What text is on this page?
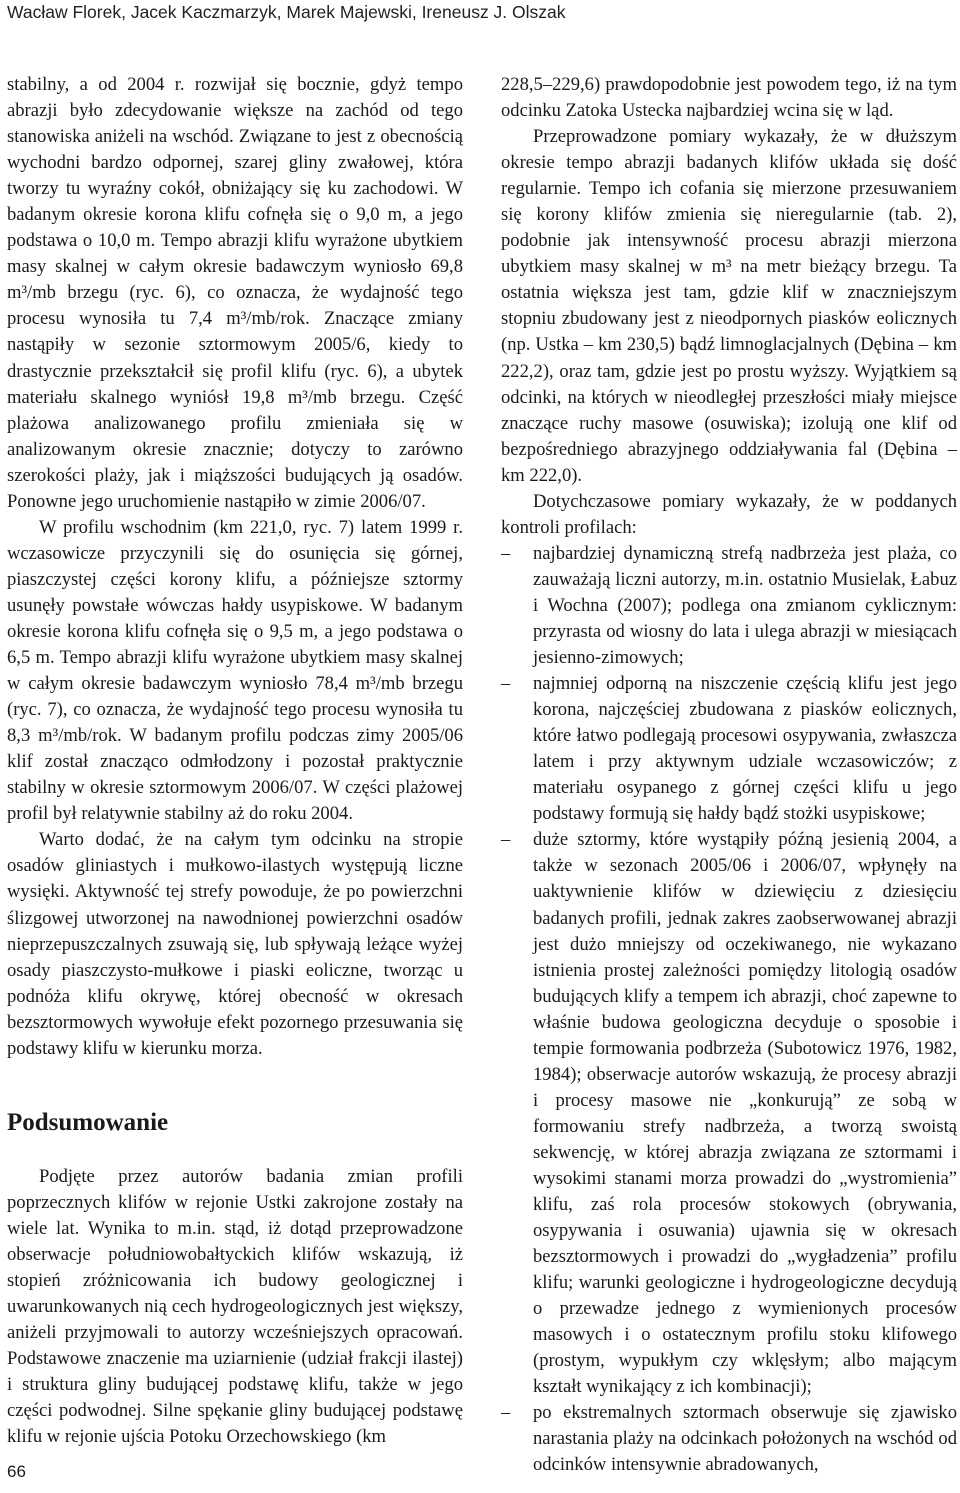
Wacław Florek, Jacek Kaczmarzyk, Marek Majewski, Ireneusz J. Olszak

stabilny, a od 2004 r. rozwijał się bocznie, gdyż tempo abrazji było zdecydowanie większe na zachód od tego stanowiska aniżeli na wschód. Związane to jest z obecnością wychodni bardzo odpornej, szarej gliny zwałowej, która tworzy tu wyraźny cokół, obniżający się ku zachodowi. W badanym okresie korona klifu cofnęła się o 9,0 m, a jego podstawa o 10,0 m. Tempo abrazji klifu wyrażone ubytkiem masy skalnej w całym okresie badawczym wyniosło 69,8 m³/mb brzegu (ryc. 6), co oznacza, że wydajność tego procesu wynosiła tu 7,4 m³/mb/rok. Znaczące zmiany nastąpiły w sezonie sztormowym 2005/6, kiedy to drastycznie przekształcił się profil klifu (ryc. 6), a ubytek materiału skalnego wyniósł 19,8 m³/mb brzegu. Część plażowa analizowanego profilu zmieniała się w analizowanym okresie znacznie; dotyczy to zarówno szerokości plaży, jak i miąższości budujących ją osadów. Ponowne jego uruchomienie nastąpiło w zimie 2006/07.

W profilu wschodnim (km 221,0, ryc. 7) latem 1999 r. wczasowicze przyczynili się do osunięcia się górnej, piaszczystej części korony klifu, a późniejsze sztormy usunęły powstałe wówczas hałdy usypiskowe. W badanym okresie korona klifu cofnęła się o 9,5 m, a jego podstawa o 6,5 m. Tempo abrazji klifu wyrażone ubytkiem masy skalnej w całym okresie badawczym wyniosło 78,4 m³/mb brzegu (ryc. 7), co oznacza, że wydajność tego procesu wynosiła tu 8,3 m³/mb/rok. W badanym profilu podczas zimy 2005/06 klif został znacząco odmłodzony i pozostał praktycznie stabilny w okresie sztormowym 2006/07. W części plażowej profil był relatywnie stabilny aż do roku 2004.

Warto dodać, że na całym tym odcinku na stropie osadów gliniastych i mułkowo-ilastych występują liczne wysięki. Aktywność tej strefy powoduje, że po powierzchni ślizgowej utworzonej na nawodnionej powierzchni osadów nieprzepuszczalnych zsuwają się, lub spływają leżące wyżej osady piaszczysto-mułkowe i piaski eoliczne, tworząc u podnóża klifu okrywę, której obecność w okresach bezsztormowych wywołuje efekt pozornego przesuwania się podstawy klifu w kierunku morza.

Podsumowanie

Podjęte przez autorów badania zmian profili poprzecznych klifów w rejonie Ustki zakrojone zostały na wiele lat. Wynika to m.in. stąd, iż dotąd przeprowadzone obserwacje południowobałtyckich klifów wskazują, iż stopień zróżnicowania ich budowy geologicznej i uwarunkowanych nią cech hydrogeologicznych jest większy, aniżeli przyjmowali to autorzy wcześniejszych opracowań. Podstawowe znaczenie ma uziarnienie (udział frakcji ilastej) i struktura gliny budującej podstawę klifu, także w jego części podwodnej. Silne spękanie gliny budującej podstawę klifu w rejonie ujścia Potoku Orzechowskiego (km

228,5–229,6) prawdopodobnie jest powodem tego, iż na tym odcinku Zatoka Ustecka najbardziej wcina się w ląd.

Przeprowadzone pomiary wykazały, że w dłuższym okresie tempo abrazji badanych klifów układa się dość regularnie. Tempo ich cofania się mierzone przesuwaniem się korony klifów zmienia się nieregularnie (tab. 2), podobnie jak intensywność procesu abrazji mierzona ubytkiem masy skalnej w m³ na metr bieżący brzegu. Ta ostatnia większa jest tam, gdzie klif w znaczniejszym stopniu zbudowany jest z nieodpornych piasków eolicznych (np. Ustka – km 230,5) bądź limnoglacjalnych (Dębina – km 222,2), oraz tam, gdzie jest po prostu wyższy. Wyjątkiem są odcinki, na których w nieodległej przeszłości miały miejsce znaczące ruchy masowe (osuwiska); izolują one klif od bezpośredniego abrazyjnego oddziaływania fal (Dębina – km 222,0).

Dotychczasowe pomiary wykazały, że w poddanych kontroli profilach:

– najbardziej dynamiczną strefą nadbrzeża jest plaża, co zauważają liczni autorzy, m.in. ostatnio Musielak, Łabuz i Wochna (2007); podlega ona zmianom cyklicznym: przyrasta od wiosny do lata i ulega abrazji w miesiącach jesienno-zimowych;
– najmniej odporną na niszczenie częścią klifu jest jego korona, najczęściej zbudowana z piasków eolicznych, które łatwo podlegają procesowi osypywania, zwłaszcza latem i przy aktywnym udziale wczasowiczów; z materiału osypanego z górnej części klifu u jego podstawy formują się hałdy bądź stożki usypiskowe;
– duże sztormy, które wystąpiły późną jesienią 2004, a także w sezonach 2005/06 i 2006/07, wpłynęły na uaktywnienie klifów w dziewięciu z dziesięciu badanych profili, jednak zakres zaobserwowanej abrazji jest dużo mniejszy od oczekiwanego, nie wykazano istnienia prostej zależności pomiędzy litologią osadów budujących klify a tempem ich abrazji, choć zapewne to właśnie budowa geologiczna decyduje o sposobie i tempie formowania podbrzeża (Subotowicz 1976, 1982, 1984); obserwacje autorów wskazują, że procesy abrazji i procesy masowe nie „konkurują” ze sobą w formowaniu strefy nadbrzeża, a tworzą swoistą sekwencję, w której abrazja związana ze sztormami i wysokimi stanami morza prowadzi do „wystromienia” klifu, zaś rola procesów stokowych (obrywania, osypywania i osuwania) ujawnia się w okresach bezsztormowych i prowadzi do „wygładzenia” profilu klifu; warunki geologiczne i hydrogeologiczne decydują o przewadze jednego z wymienionych procesów masowych i o ostatecznym profilu stoku klifowego (prostym, wypukłym czy wklęsłym; albo mającym kształt wynikający z ich kombinacji);
– po ekstremalnych sztormach obserwuje się zjawisko narastania plaży na odcinkach położonych na wschód od odcinków intensywnie abradowanych,
66
